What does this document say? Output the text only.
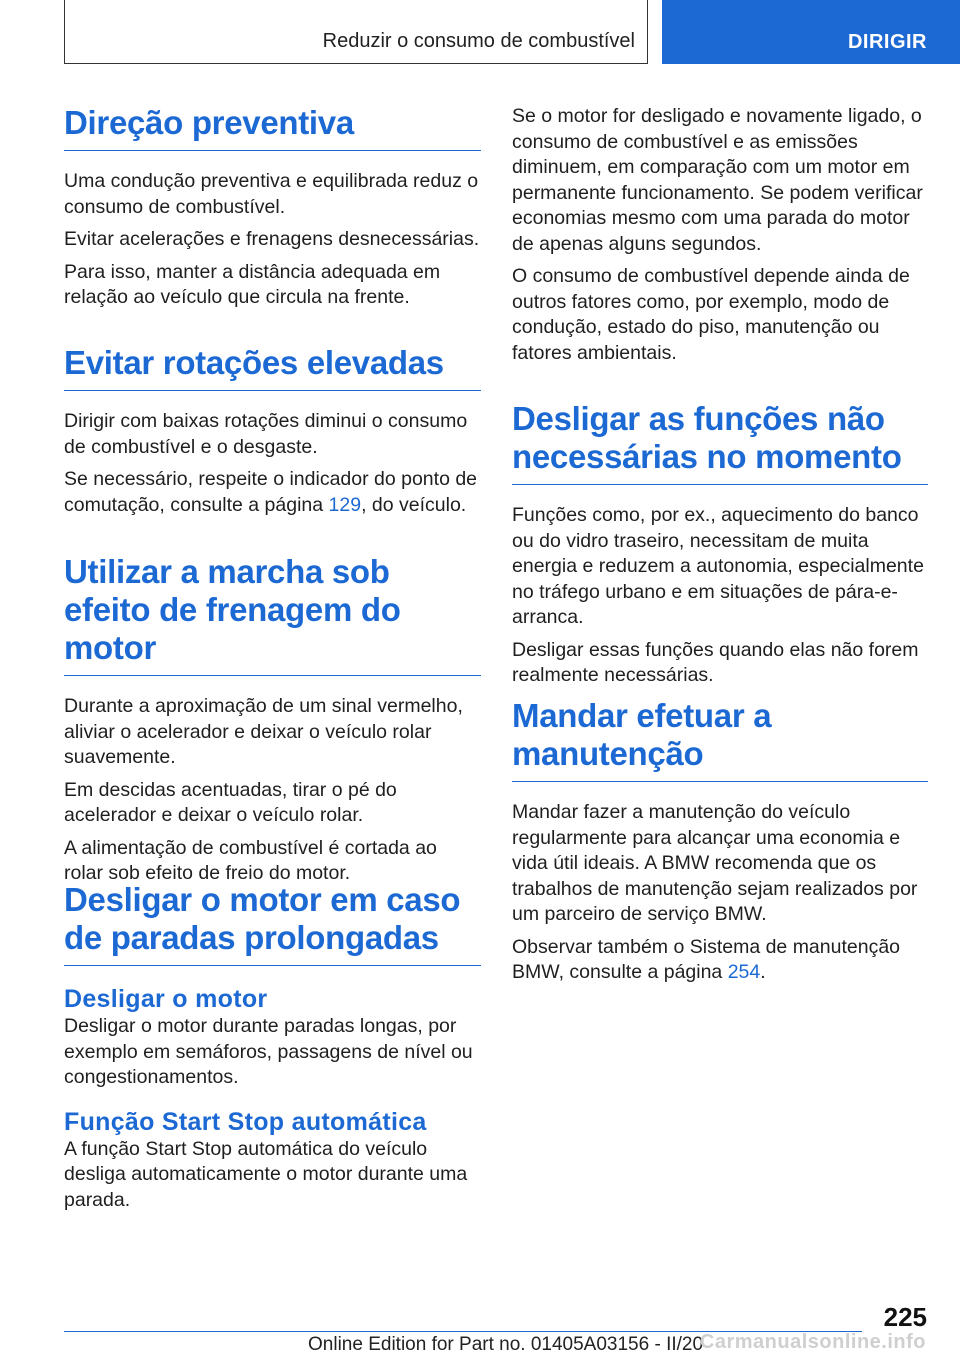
Reduzir o consumo de combustível	DIRIGIR
Direção preventiva

Uma condução preventiva e equilibrada reduz o consumo de combustível.

Evitar acelerações e frenagens desnecessárias.

Para isso, manter a distância adequada em relação ao veículo que circula na frente.

Evitar rotações elevadas

Dirigir com baixas rotações diminui o consumo de combustível e o desgaste.

Se necessário, respeite o indicador do ponto de comutação, consulte a página 129, do veículo.

Utilizar a marcha sob efeito de frenagem do motor

Durante a aproximação de um sinal vermelho, aliviar o acelerador e deixar o veículo rolar suavemente.

Em descidas acentuadas, tirar o pé do acelerador e deixar o veículo rolar.

A alimentação de combustível é cortada ao rolar sob efeito de freio do motor.

Desligar o motor em caso de paradas prolongadas
Desligar o motor

Desligar o motor durante paradas longas, por exemplo em semáforos, passagens de nível ou congestionamentos.

Função Start Stop automática

A função Start Stop automática do veículo desliga automaticamente o motor durante uma parada.

Se o motor for desligado e novamente ligado, o consumo de combustível e as emissões diminuem, em comparação com um motor em permanente funcionamento. Se podem verificar economias mesmo com uma parada do motor de apenas alguns segundos.

O consumo de combustível depende ainda de outros fatores como, por exemplo, modo de condução, estado do piso, manutenção ou fatores ambientais.

Desligar as funções não necessárias no momento

Funções como, por ex., aquecimento do banco ou do vidro traseiro, necessitam de muita energia e reduzem a autonomia, especialmente no tráfego urbano e em situações de pára-e-arranca.

Desligar essas funções quando elas não forem realmente necessárias.

Mandar efetuar a manutenção

Mandar fazer a manutenção do veículo regularmente para alcançar uma economia e vida útil ideais. A BMW recomenda que os trabalhos de manutenção sejam realizados por um parceiro de serviço BMW.

Observar também o Sistema de manutenção BMW, consulte a página 254.

225
Online Edition for Part no. 01405A03156 - II/20
Carmanualsonline.info
